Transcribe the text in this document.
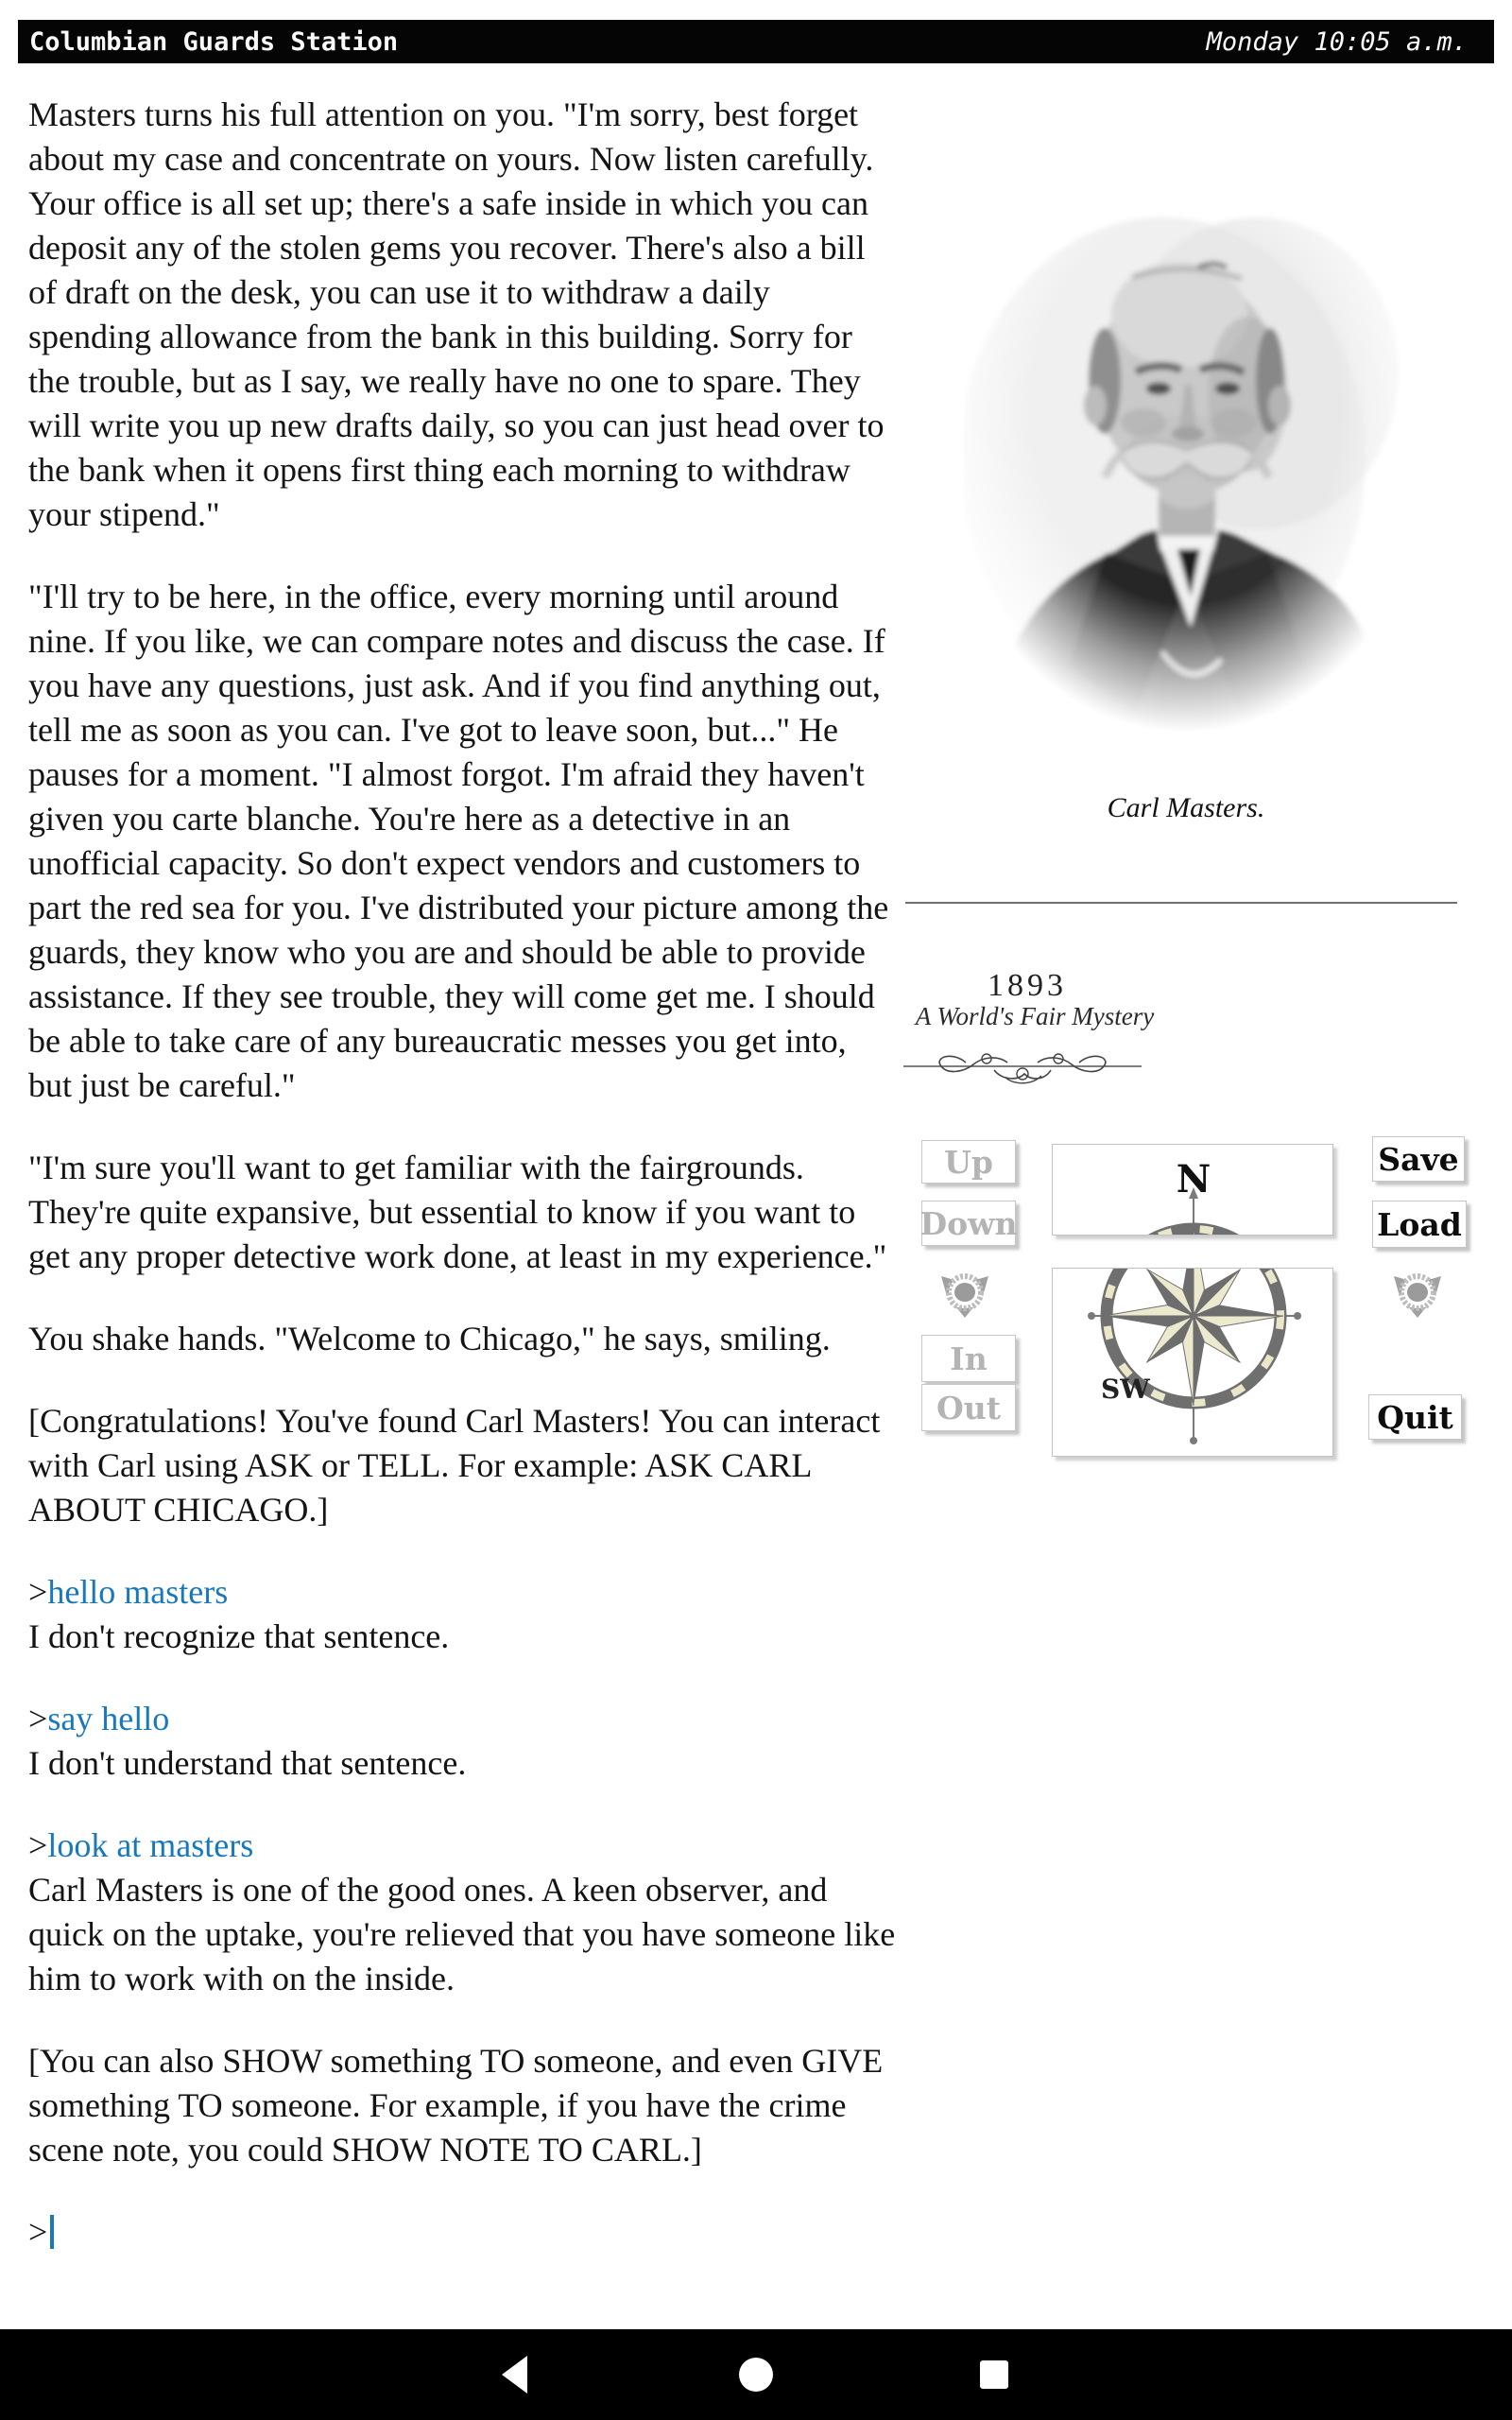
Columbian Guards Station	Monday 10:05 a.m.

Masters turns his full attention on you. "I'm sorry, best forget about my case and concentrate on yours. Now listen carefully. Your office is all set up; there's a safe inside in which you can deposit any of the stolen gems you recover. There's also a bill of draft on the desk, you can use it to withdraw a daily spending allowance from the bank in this building. Sorry for the trouble, but as I say, we really have no one to spare. They will write you up new drafts daily, so you can just head over to the bank when it opens first thing each morning to withdraw your stipend."

"I'll try to be here, in the office, every morning until around nine. If you like, we can compare notes and discuss the case. If you have any questions, just ask. And if you find anything out, tell me as soon as you can. I've got to leave soon, but..." He pauses for a moment. "I almost forgot. I'm afraid they haven't given you carte blanche. You're here as a detective in an unofficial capacity. So don't expect vendors and customers to part the red sea for you. I've distributed your picture among the guards, they know who you are and should be able to provide assistance. If they see trouble, they will come get me. I should be able to take care of any bureaucratic messes you get into, but just be careful."

"I'm sure you'll want to get familiar with the fairgrounds. They're quite expansive, but essential to know if you want to get any proper detective work done, at least in my experience."

You shake hands. "Welcome to Chicago," he says, smiling.

[Congratulations! You've found Carl Masters! You can interact with Carl using ASK or TELL. For example: ASK CARL ABOUT CHICAGO.]

>hello masters
I don't recognize that sentence.
>say hello
I don't understand that sentence.
>look at masters
Carl Masters is one of the good ones. A keen observer, and quick on the uptake, you're relieved that you have someone like him to work with on the inside.

[You can also SHOW something TO someone, and even GIVE something TO someone. For example, if you have the crime scene note, you could SHOW NOTE TO CARL.]

>
Carl Masters.
1893
A World's Fair Mystery
Up
Down
In
Out
N
SW
Save
Load
Quit
